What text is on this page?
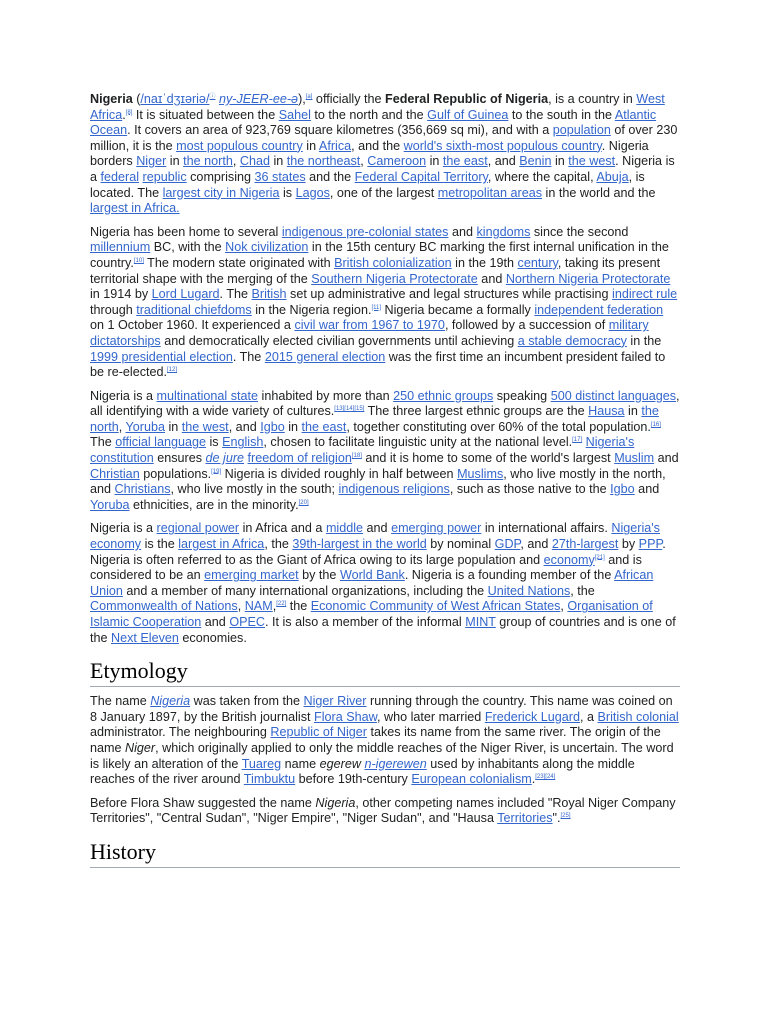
Nigeria (/naɪˈdʒɪəriə/ⓘ ny-JEER-ee-ə),[a] officially the Federal Republic of Nigeria, is a country in West Africa.[8] It is situated between the Sahel to the north and the Gulf of Guinea to the south in the Atlantic Ocean. It covers an area of 923,769 square kilometres (356,669 sq mi), and with a population of over 230 million, it is the most populous country in Africa, and the world's sixth-most populous country. Nigeria borders Niger in the north, Chad in the northeast, Cameroon in the east, and Benin in the west. Nigeria is a federal republic comprising 36 states and the Federal Capital Territory, where the capital, Abuja, is located. The largest city in Nigeria is Lagos, one of the largest metropolitan areas in the world and the largest in Africa.

Nigeria has been home to several indigenous pre-colonial states and kingdoms since the second millennium BC, with the Nok civilization in the 15th century BC marking the first internal unification in the country.[10] The modern state originated with British colonialization in the 19th century, taking its present territorial shape with the merging of the Southern Nigeria Protectorate and Northern Nigeria Protectorate in 1914 by Lord Lugard. The British set up administrative and legal structures while practising indirect rule through traditional chiefdoms in the Nigeria region.[11] Nigeria became a formally independent federation on 1 October 1960. It experienced a civil war from 1967 to 1970, followed by a succession of military dictatorships and democratically elected civilian governments until achieving a stable democracy in the 1999 presidential election. The 2015 general election was the first time an incumbent president failed to be re-elected.[12]

Nigeria is a multinational state inhabited by more than 250 ethnic groups speaking 500 distinct languages, all identifying with a wide variety of cultures.[13][14][15] The three largest ethnic groups are the Hausa in the north, Yoruba in the west, and Igbo in the east, together constituting over 60% of the total population.[16] The official language is English, chosen to facilitate linguistic unity at the national level.[17] Nigeria's constitution ensures de jure freedom of religion[18] and it is home to some of the world's largest Muslim and Christian populations.[19] Nigeria is divided roughly in half between Muslims, who live mostly in the north, and Christians, who live mostly in the south; indigenous religions, such as those native to the Igbo and Yoruba ethnicities, are in the minority.[20]

Nigeria is a regional power in Africa and a middle and emerging power in international affairs. Nigeria's economy is the largest in Africa, the 39th-largest in the world by nominal GDP, and 27th-largest by PPP. Nigeria is often referred to as the Giant of Africa owing to its large population and economy[21] and is considered to be an emerging market by the World Bank. Nigeria is a founding member of the African Union and a member of many international organizations, including the United Nations, the Commonwealth of Nations, NAM,[22] the Economic Community of West African States, Organisation of Islamic Cooperation and OPEC. It is also a member of the informal MINT group of countries and is one of the Next Eleven economies.

Etymology

The name Nigeria was taken from the Niger River running through the country. This name was coined on 8 January 1897, by the British journalist Flora Shaw, who later married Frederick Lugard, a British colonial administrator. The neighbouring Republic of Niger takes its name from the same river. The origin of the name Niger, which originally applied to only the middle reaches of the Niger River, is uncertain. The word is likely an alteration of the Tuareg name egerew n-igerewen used by inhabitants along the middle reaches of the river around Timbuktu before 19th-century European colonialism.[23][24]

Before Flora Shaw suggested the name Nigeria, other competing names included "Royal Niger Company Territories", "Central Sudan", "Niger Empire", "Niger Sudan", and "Hausa Territories".[25]

History
